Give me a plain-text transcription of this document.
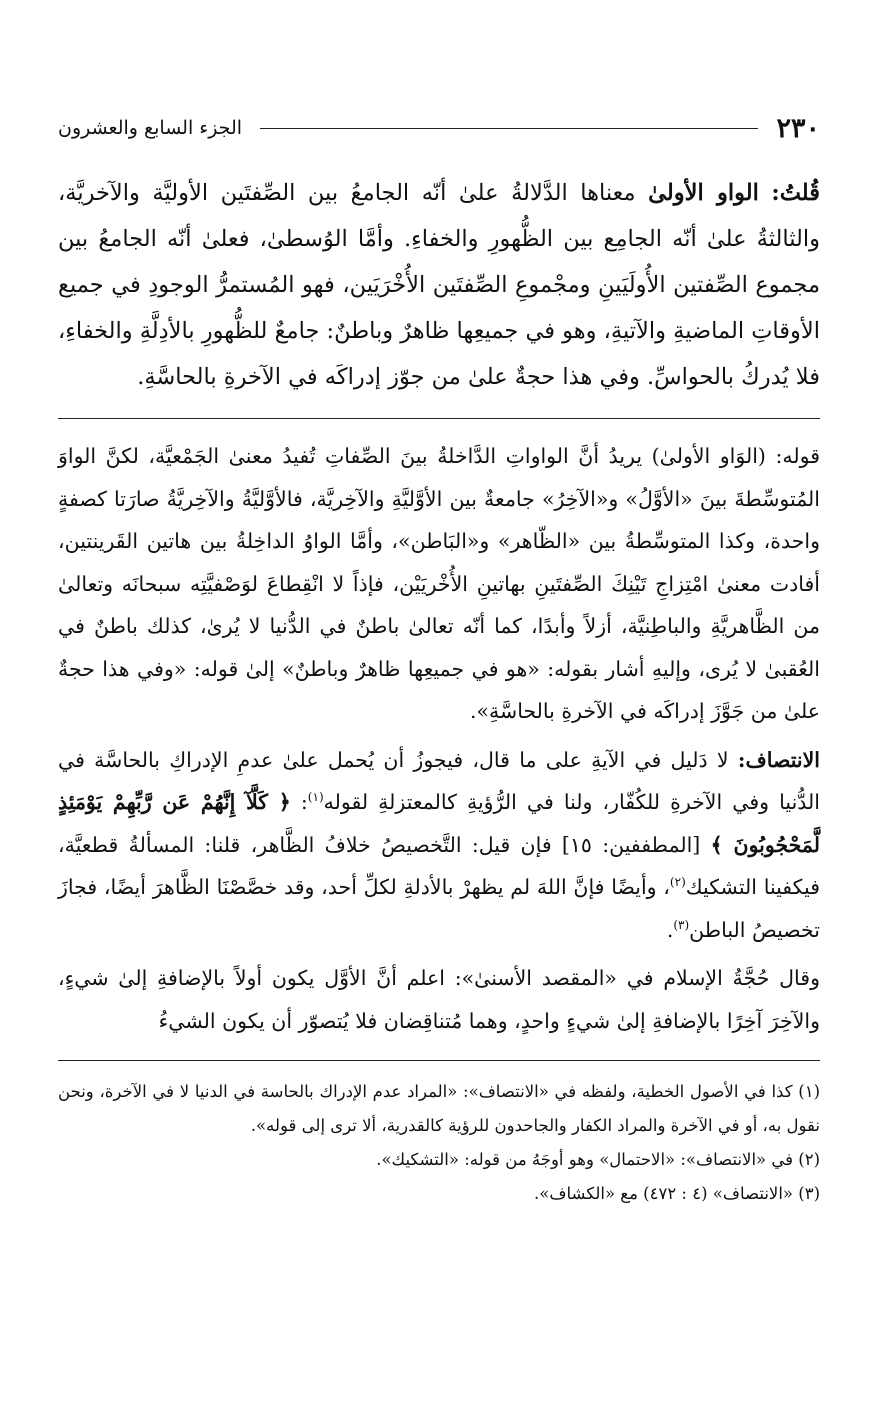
٢٣٠
الجزء السابع والعشرون

قُلتُ: الواو الأولىٰ معناها الدَّلالةُ علىٰ أنّه الجامعُ بين الصِّفتَين الأوليَّة والآخريَّة، والثالثةُ علىٰ أنّه الجامِع بين الظُّهورِ والخفاءِ. وأمَّا الوُسطىٰ، فعلىٰ أنّه الجامعُ بين مجموع الصِّفتين الأُولَيَينِ ومجْموعِ الصِّفتَين الأُخْرَيَين، فهو المُستمرُّ الوجودِ في جميع الأوقاتِ الماضيةِ والآتيةِ، وهو في جميعِها ظاهرٌ وباطنٌ: جامعٌ للظُّهورِ بالأدِلَّةِ والخفاءِ، فلا يُدركُ بالحواسِّ. وفي هذا حجةٌ علىٰ من جوّز إدراكَه في الآخرةِ بالحاسَّةِ.

قوله: (الوَاو الأولىٰ) يريدُ أنَّ الواواتِ الدَّاخلةُ بينَ الصِّفاتِ تُفيدُ معنىٰ الجَمْعيَّة، لكنَّ الواوَ المُتوسِّطةَ بينَ «الأوَّلُ» و«الآخِرُ» جامعةٌ بين الأوَّليَّةِ والآخِريَّة، فالأوَّليَّةُ والآخِريَّةُ صارَتا كصفةٍ واحدة، وكذا المتوسِّطةُ بين «الظّاهر» و«البَاطن»، وأمَّا الواوُ الداخِلةُ بين هاتين القَرينتين، أفادت معنىٰ امْتِزاجِ تَيْنِكَ الصِّفتَينِ بهاتينِ الأُخْريَيْن، فإذاً لا انْقِطاعَ لوَصْفيَّتِه سبحانَه وتعالىٰ من الظَّاهريَّةِ والباطِنيَّة، أزلاً وأبدًا، كما أنّه تعالىٰ باطنٌ في الدُّنيا لا يُرىٰ، كذلك باطنٌ في العُقبىٰ لا يُرى، وإليهِ أشار بقوله: «هو في جميعِها ظاهرٌ وباطنٌ» إلىٰ قوله: «وفي هذا حجةٌ علىٰ من جَوَّزَ إدراكَه في الآخرةِ بالحاسَّةِ».

الانتصاف: لا دَليل في الآيةِ على ما قال، فيجوزُ أن يُحمل علىٰ عدمِ الإدراكِ بالحاسَّة في الدُّنيا وفي الآخرةِ للكُفّار، ولنا في الرُّؤيةِ كالمعتزلةِ لقوله$^{(١)}$: ﴿ كَلَّآ إِنَّهُمْ عَن رَّبِّهِمْ يَوْمَئِذٍ لَّمَحْجُوبُونَ ﴾ [المطففين: ١٥] فإن قيل: التَّخصيصُ خلافُ الظَّاهر، قلنا: المسألةُ قطعيَّة، فيكفينا التشكيك$^{(٢)}$، وأيضًا فإنَّ اللهَ لم يظهرْ بالأدلةِ لكلِّ أحد، وقد خصَّصْنَا الظَّاهرَ أيضًا، فجازَ تخصيصُ الباطن$^{(٣)}$.

وقال حُجَّةُ الإسلام في «المقصد الأسنىٰ»: اعلم أنَّ الأوَّل يكون أولاً بالإضافةِ إلىٰ شيءٍ، والآخِرَ آخِرًا بالإضافةِ إلىٰ شيءٍ واحدٍ، وهما مُتناقِضان فلا يُتصوّر أن يكون الشيءُ

(١) كذا في الأصول الخطية، ولفظه في «الانتصاف»: «المراد عدم الإدراك بالحاسة في الدنيا لا في الآخرة، ونحن نقول به، أو في الآخرة والمراد الكفار والجاحدون للرؤية كالقدرية، ألا ترى إلى قوله».

(٢) في «الانتصاف»: «الاحتمال» وهو أوجَهُ من قوله: «التشكيك».

(٣) «الانتصاف» (٤ : ٤٧٢) مع «الكشاف».
